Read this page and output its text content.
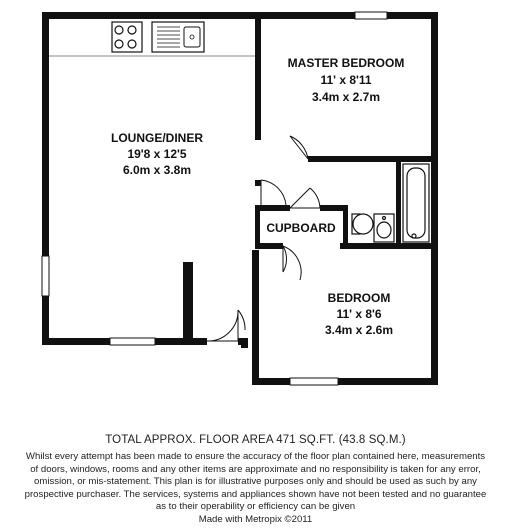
LOUNGE/DINER
19'8 x 12'5
6.0m x 3.8m
MASTER BEDROOM
11' x 8'11
3.4m x 2.7m
BEDROOM
11' x 8'6
3.4m x 2.6m
CUPBOARD
TOTAL APPROX. FLOOR AREA 471 SQ.FT. (43.8 SQ.M.)
Whilst every attempt has been made to ensure the accuracy of the floor plan contained here, measurements
of doors, windows, rooms and any other items are approximate and no responsibility is taken for any error,
omission, or mis-statement. This plan is for illustrative purposes only and should be used as such by any
prospective purchaser. The services, systems and appliances shown have not been tested and no guarantee
as to their operability or efficiency can be given
Made with Metropix ©2011
